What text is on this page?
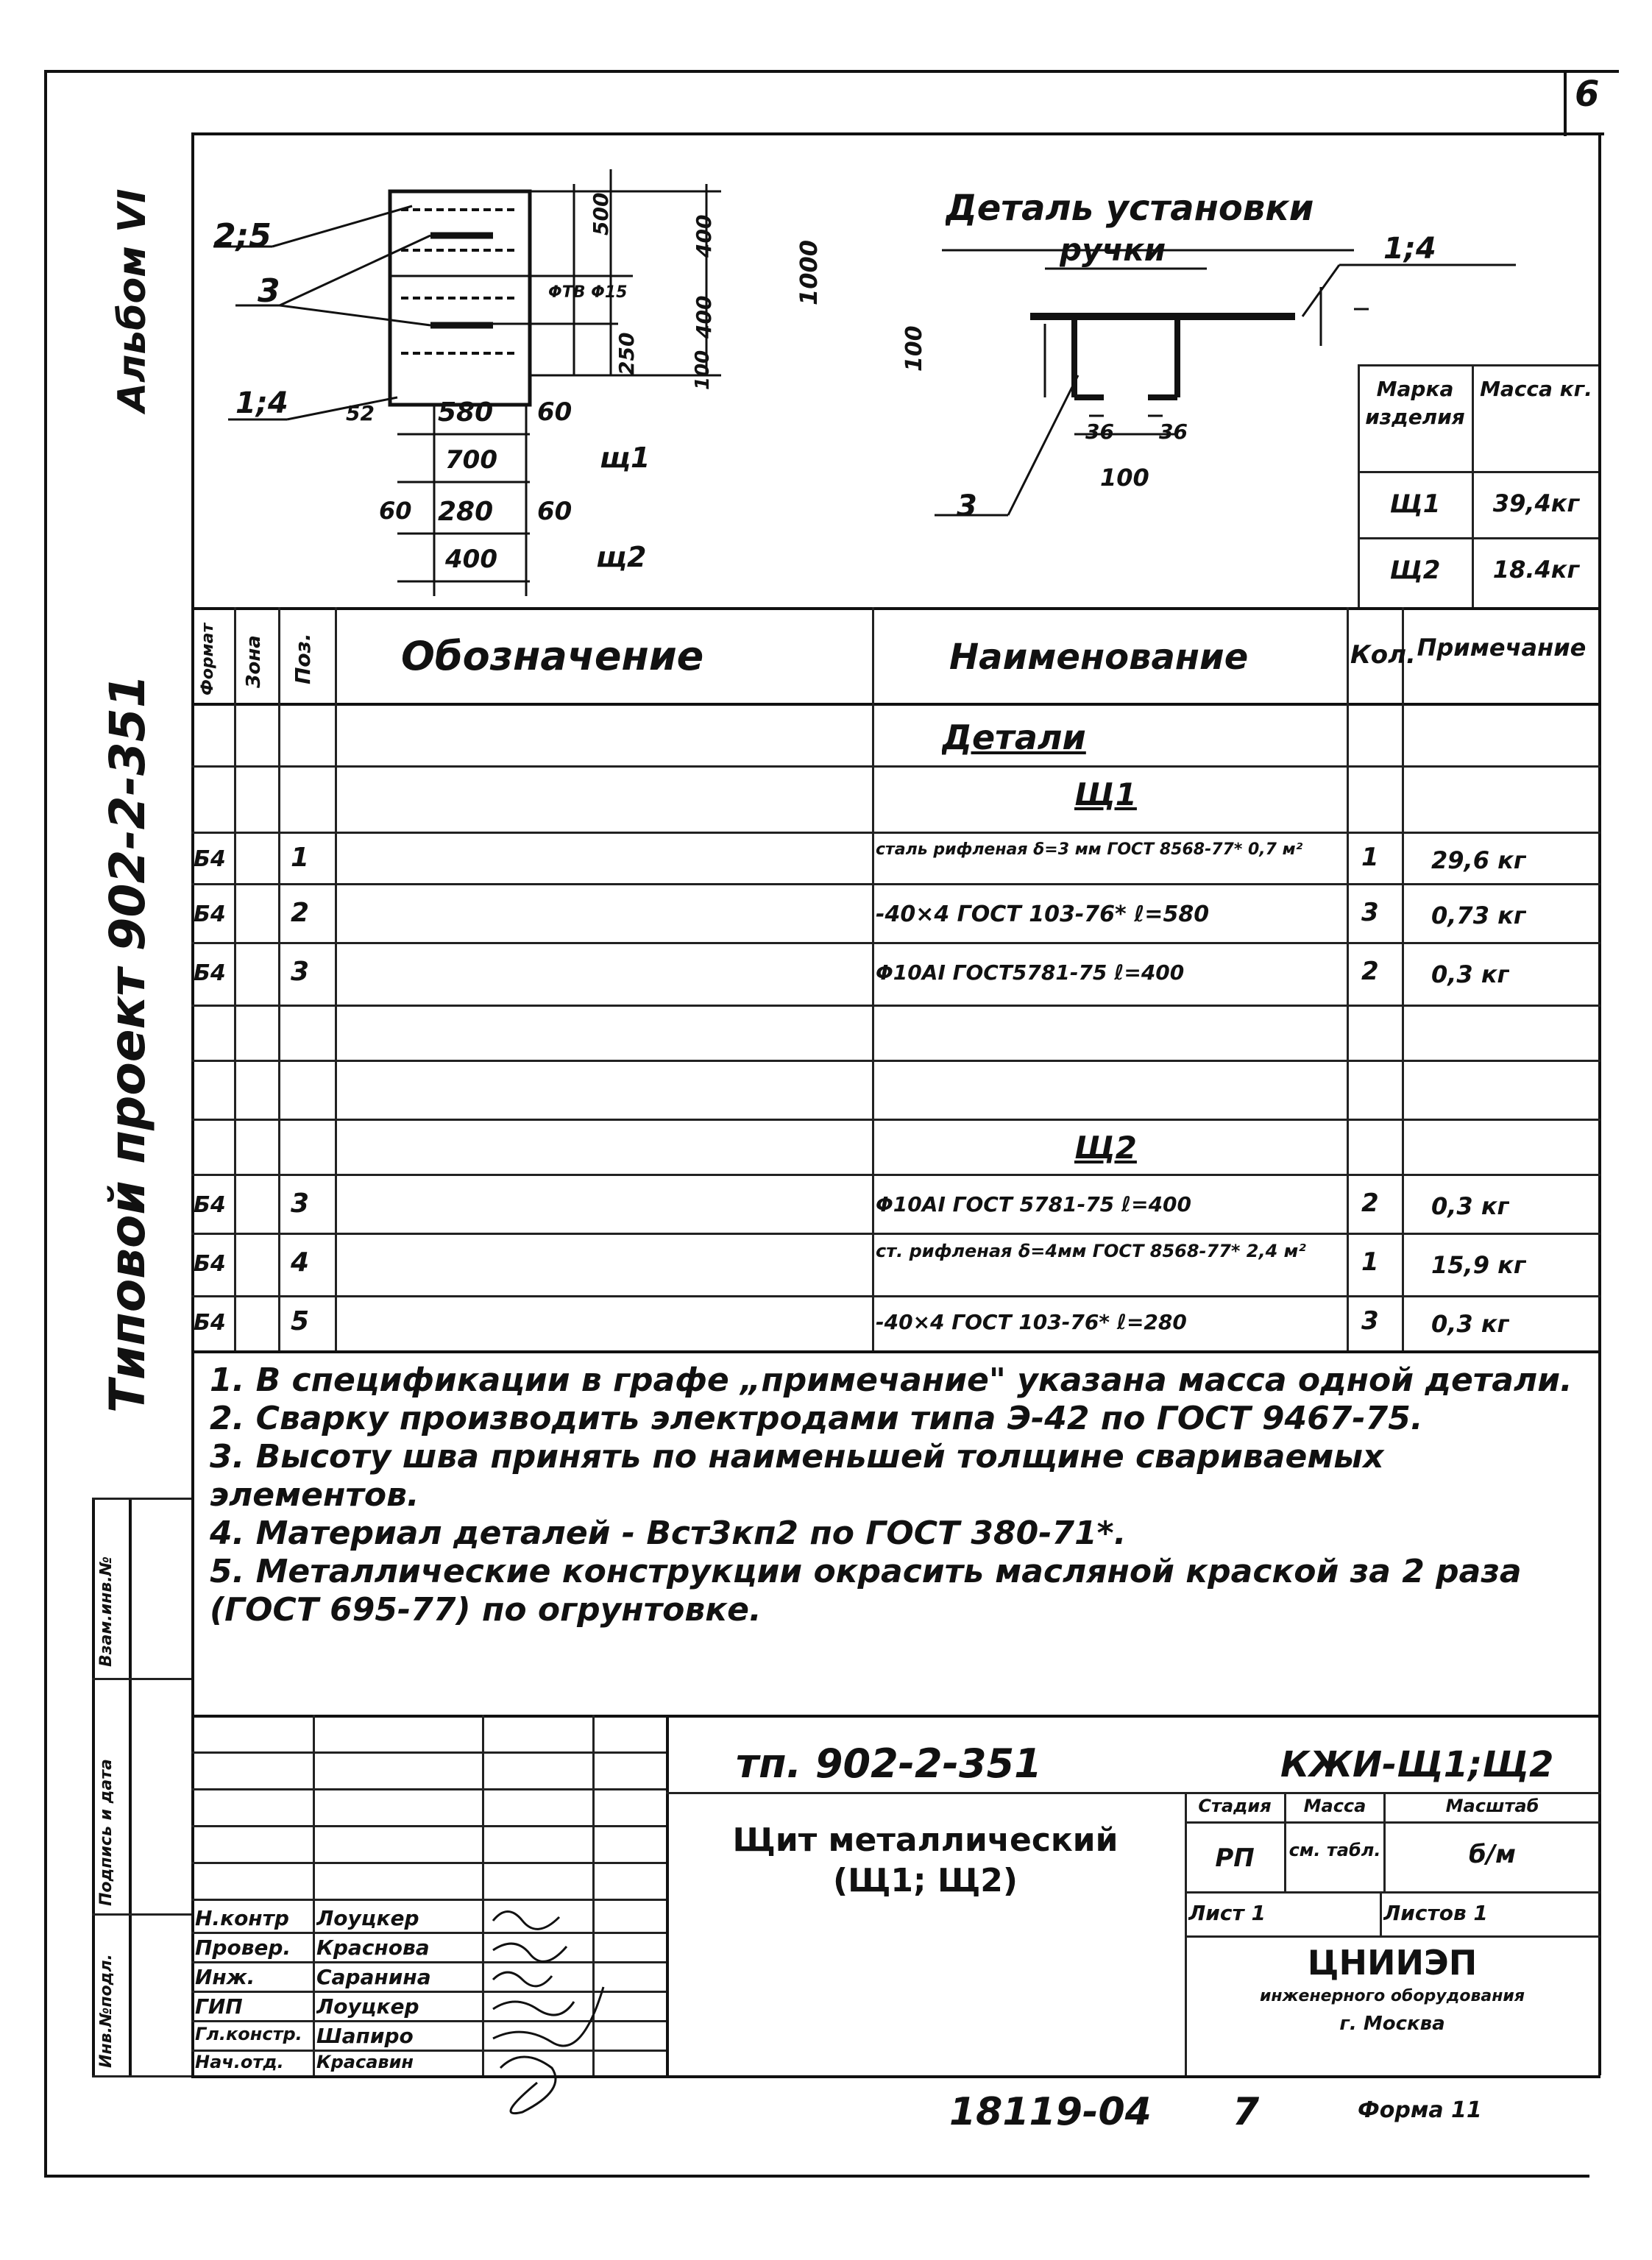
6
Альбом VI
Типовой проект 902-2-351
Взам.инв.№
Подпись и дата
Инв.№подл.
2;5
3
1;4
500
400
400
250	100
1000
ΦΤΒ Φ15
52 580 60
700	щ1
60 280 60
400	щ2
Деталь установки
ручки	1;4
3
100
100
36 36
Марка изделия
Масса кг.
Щ1	39,4кг
Щ2	18.4кг
Формат Зона Поз. Обозначение	Наименование	Кол. Примечание
Детали
Щ1
Б4 1	сталь рифленая δ=3 мм ГОСТ 8568-77* 0,7 м²	1 29,6 кг
Б4 2	-40×4 ГОСТ 103-76* ℓ=580	3 0,73 кг
Б4 3	Φ10АI ГОСТ5781-75 ℓ=400	2 0,3 кг
Щ2
Б4 3	Φ10АI ГОСТ 5781-75 ℓ=400	2 0,3 кг
Б4 4	ст. рифленая δ=4мм ГОСТ 8568-77* 2,4 м²	1 15,9 кг
Б4 5	-40×4 ГОСТ 103-76* ℓ=280	3 0,3 кг
1. В спецификации в графе „примечание" указана масса одной детали.
2. Сварку производить электродами типа Э-42 по ГОСТ 9467-75.
3. Высоту шва принять по наименьшей толщине свариваемых элементов.
4. Материал деталей - Вст3кп2 по ГОСТ 380-71*.
5. Металлические конструкции окрасить масляной краской за 2 раза (ГОСТ 695-77) по огрунтовке.
Н.контр Лоуцкер
Провер. Краснова
Инж.	Саранина
ГИП	Лоуцкер
Гл.констр. Шапиро
Нач.отд. Красавин
тп. 902-2-351	КЖИ-Щ1;Щ2
Щит металлический
(Щ1; Щ2)
Стадия	Масса	Масштаб
РП	см. табл.	б/м
Лист 1	Листов 1
ЦНИИЭП
инженерного оборудования
г. Москва
18119-04 7	Форма 11
